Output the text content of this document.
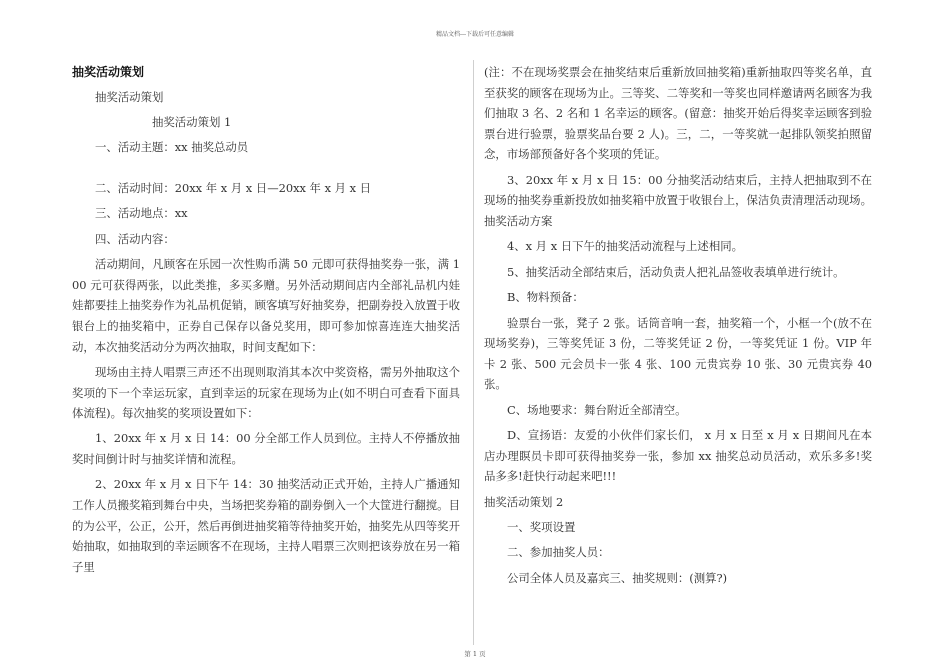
精品文档---下载后可任意编辑

抽奖活动策划

抽奖活动策划

抽奖活动策划 1

一、活动主题：xx 抽奖总动员

二、活动时间：20xx 年 x 月 x 日—20xx 年 x 月 x 日

三、活动地点：xx

四、活动内容：

活动期间，凡顾客在乐园一次性购币满 50 元即可获得抽奖券一张，满 100 元可获得两张，以此类推，多买多赠。另外活动期间店内全部礼品机内娃娃都要挂上抽奖券作为礼品机促销，顾客填写好抽奖券，把副券投入放置于收银台上的抽奖箱中，正券自己保存以备兑奖用，即可参加惊喜连连大抽奖活动，本次抽奖活动分为两次抽取，时间支配如下：

现场由主持人唱票三声还不出现则取消其本次中奖资格，需另外抽取这个奖项的下一个幸运玩家，直到幸运的玩家在现场为止(如不明白可查看下面具体流程)。每次抽奖的奖项设置如下：

1、20xx 年 x 月 x 日 14：00 分全部工作人员到位。主持人不停播放抽奖时间倒计时与抽奖详情和流程。

2、20xx 年 x 月 x 日下午 14：30 抽奖活动正式开始，主持人广播通知工作人员搬奖箱到舞台中央，当场把奖券箱的副券倒入一个大筐进行翻搅。目的为公平，公正，公开，然后再倒进抽奖箱等待抽奖开始，抽奖先从四等奖开始抽取，如抽取到的幸运顾客不在现场，主持人唱票三次则把该券放在另一箱子里

(注：不在现场奖票会在抽奖结束后重新放回抽奖箱)重新抽取四等奖名单，直至获奖的顾客在现场为止。三等奖、二等奖和一等奖也同样邀请两名顾客为我们抽取 3 名、2 名和 1 名幸运的顾客。(留意：抽奖开始后得奖幸运顾客到验票台进行验票，验票奖品台要 2 人)。三，二，一等奖就一起排队领奖拍照留念，市场部预备好各个奖项的凭证。

3、20xx 年 x 月 x 日 15：00 分抽奖活动结束后，主持人把抽取到不在现场的抽奖券重新投放如抽奖箱中放置于收银台上，保洁负责清理活动现场。抽奖活动方案

4、x 月 x 日下午的抽奖活动流程与上述相同。

5、抽奖活动全部结束后，活动负责人把礼品签收表填单进行统计。

B、物料预备：

验票台一张，凳子 2 张。话筒音响一套，抽奖箱一个，小框一个(放不在现场奖券)，三等奖凭证 3 份，二等奖凭证 2 份，一等奖凭证 1 份。VIP 年卡 2 张、500 元会员卡一张 4 张、100 元贵宾券 10 张、30 元贵宾券 40 张。

C、场地要求：舞台附近全部清空。

D、宣扬语：友爱的小伙伴们家长们， x 月 x 日至 x 月 x 日期间凡在本店办理瞑员卡即可获得抽奖券一张，参加 xx 抽奖总动员活动，欢乐多多!奖品多多!赶快行动起来吧!!!

抽奖活动策划 2

一、奖项设置

二、参加抽奖人员：

公司全体人员及嘉宾三、抽奖规则：(测算?)

第 1 页
